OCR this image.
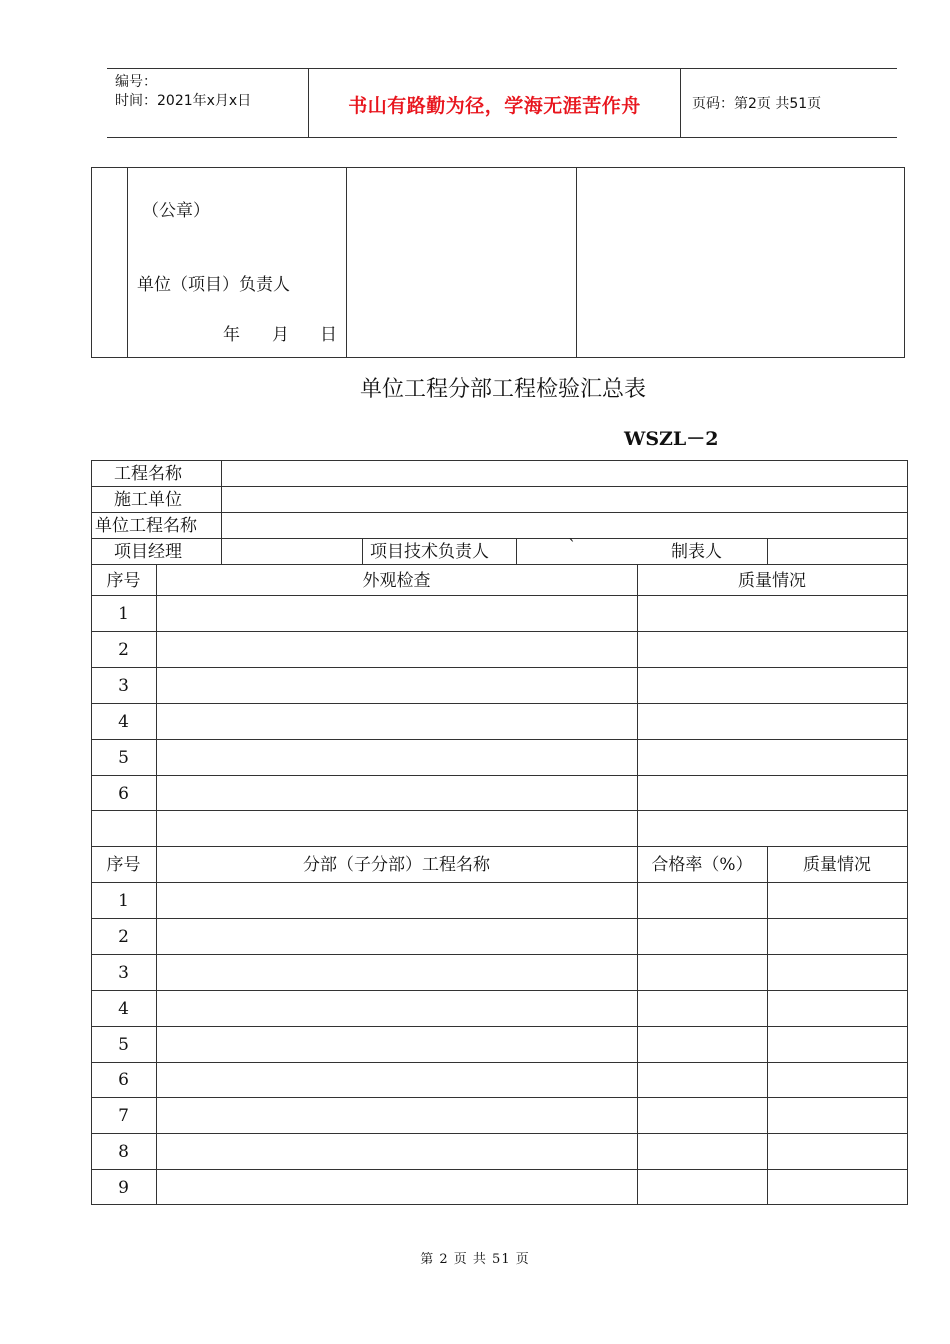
编号：
时间：2021年x月x日	书山有路勤为径，学海无涯苦作舟	页码：第2页 共51页
（公章）
单位（项目）负责人
年 月 日
单位工程分部工程检验汇总表
WSZL－2
工程名称
施工单位
单位工程名称
项目经理	项目技术负责人	`	制表人
序号	外观检查	质量情况
1
2
3
4
5
6
序号	分部（子分部）工程名称	合格率（%）	质量情况
1
2
3
4
5
6
7
8
9
第 2 页 共 51 页
